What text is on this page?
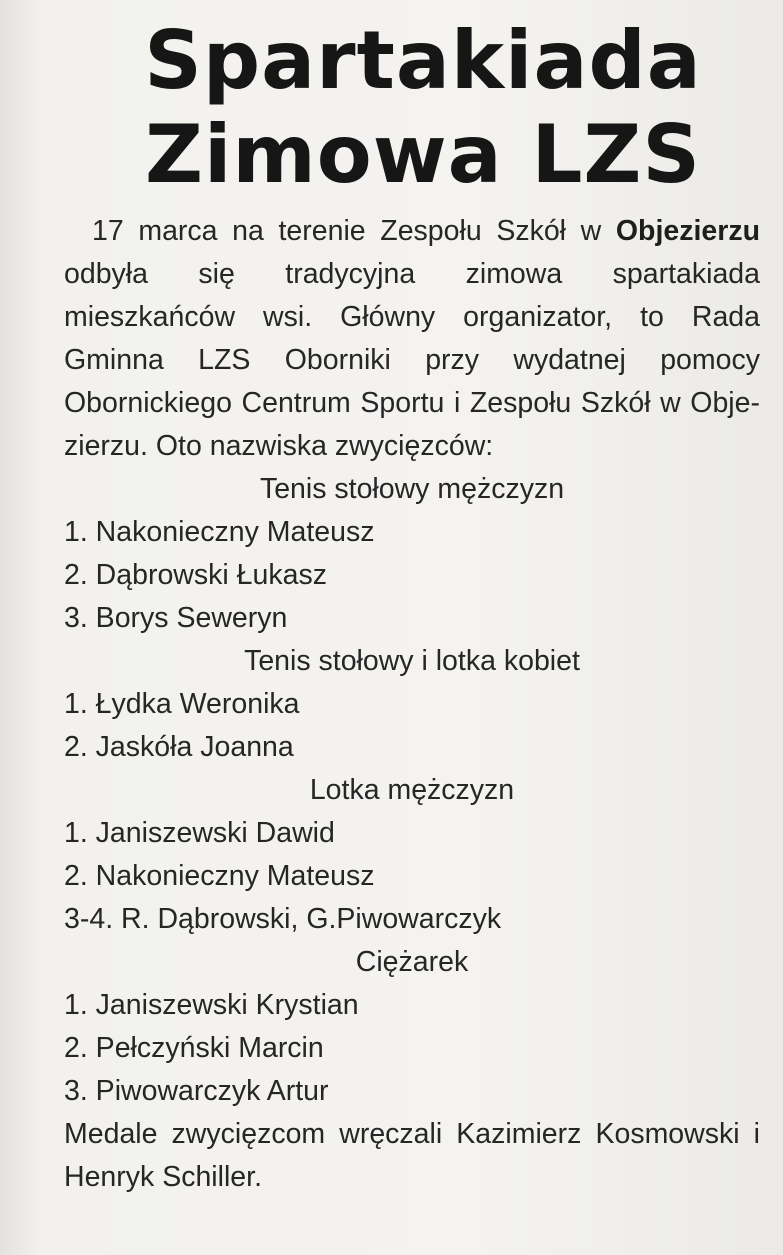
Spartakiada
Zimowa LZS

17 marca na terenie Zespołu Szkół w Objezierzu odbyła się tradycyjna zimowa spartakiada mieszkańców wsi. Główny organizator, to Rada Gminna LZS Oborniki przy wydatnej pomocy Obornickiego Centrum Sportu i Zespołu Szkół w Objezierzu. Oto nazwiska zwycięzców:

Tenis stołowy mężczyzn

1. Nakonieczny Mateusz

2. Dąbrowski Łukasz

3. Borys Seweryn

Tenis stołowy i lotka kobiet

1. Łydka Weronika

2. Jaskóła Joanna

Lotka mężczyzn

1. Janiszewski Dawid

2. Nakonieczny Mateusz

3-4. R. Dąbrowski, G.Piwowarczyk

Ciężarek

1. Janiszewski Krystian

2. Pełczyński Marcin

3. Piwowarczyk Artur

Medale zwycięzcom wręczali Kazimierz Kosmowski i Henryk Schiller.
